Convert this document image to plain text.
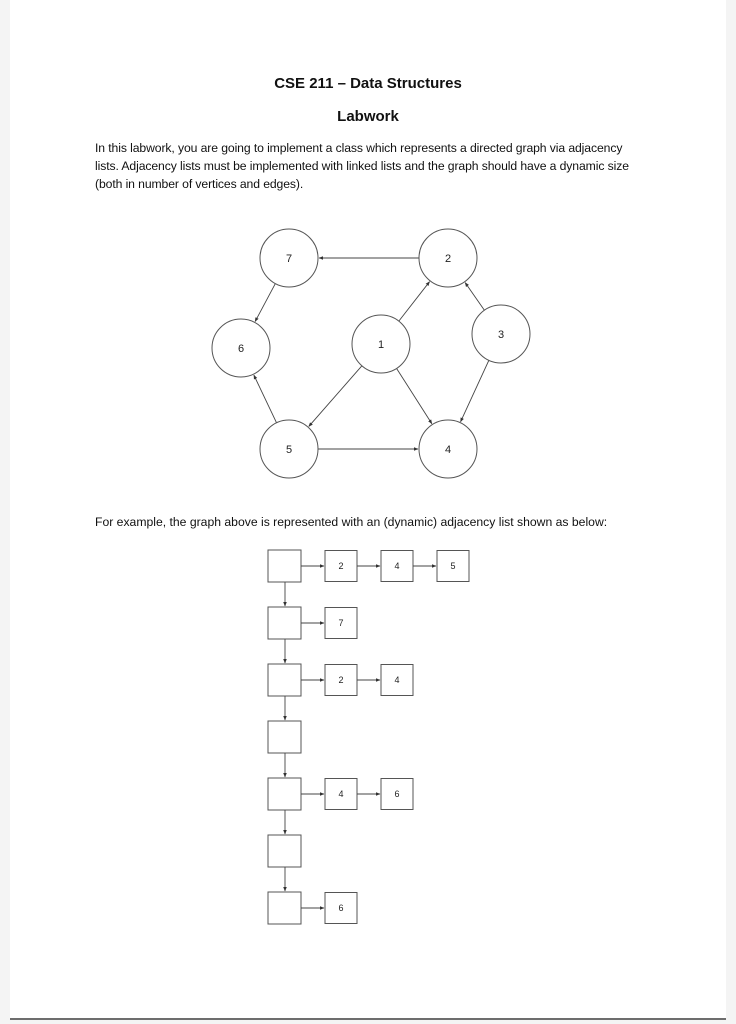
CSE 211 – Data Structures
Labwork
In this labwork, you are going to implement a class which represents a directed graph via adjacency
lists. Adjacency lists must be implemented with linked lists and the graph should have a dynamic size
(both in number of vertices and edges).
For example, the graph above is represented with an (dynamic) adjacency list shown as below:
7	2
6	1
3
5	4
2	4	5
7
2	4
4	6
6
